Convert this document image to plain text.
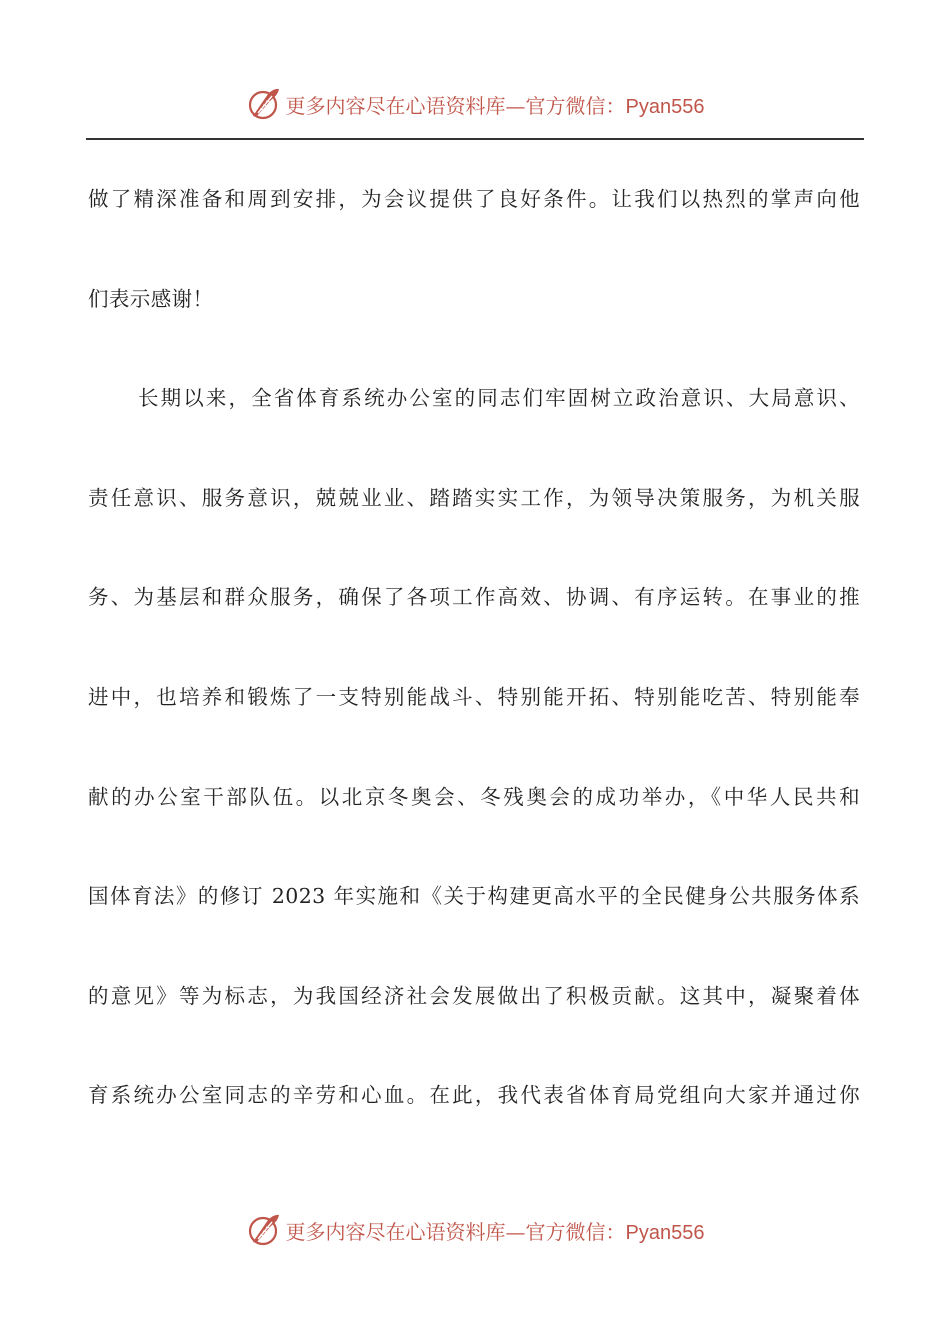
更多内容尽在心语资料库—官方微信：Pyan556
做了精深准备和周到安排，为会议提供了良好条件。让我们以热烈的掌声向他
们表示感谢！
长期以来，全省体育系统办公室的同志们牢固树立政治意识、大局意识、
责任意识、服务意识，兢兢业业、踏踏实实工作，为领导决策服务，为机关服
务、为基层和群众服务，确保了各项工作高效、协调、有序运转。在事业的推
进中，也培养和锻炼了一支特别能战斗、特别能开拓、特别能吃苦、特别能奉
献的办公室干部队伍。以北京冬奥会、冬残奥会的成功举办，《中华人民共和
国体育法》的修订 2023 年实施和《关于构建更高水平的全民健身公共服务体系
的意见》等为标志，为我国经济社会发展做出了积极贡献。这其中，凝聚着体
育系统办公室同志的辛劳和心血。在此，我代表省体育局党组向大家并通过你
更多内容尽在心语资料库—官方微信：Pyan556
